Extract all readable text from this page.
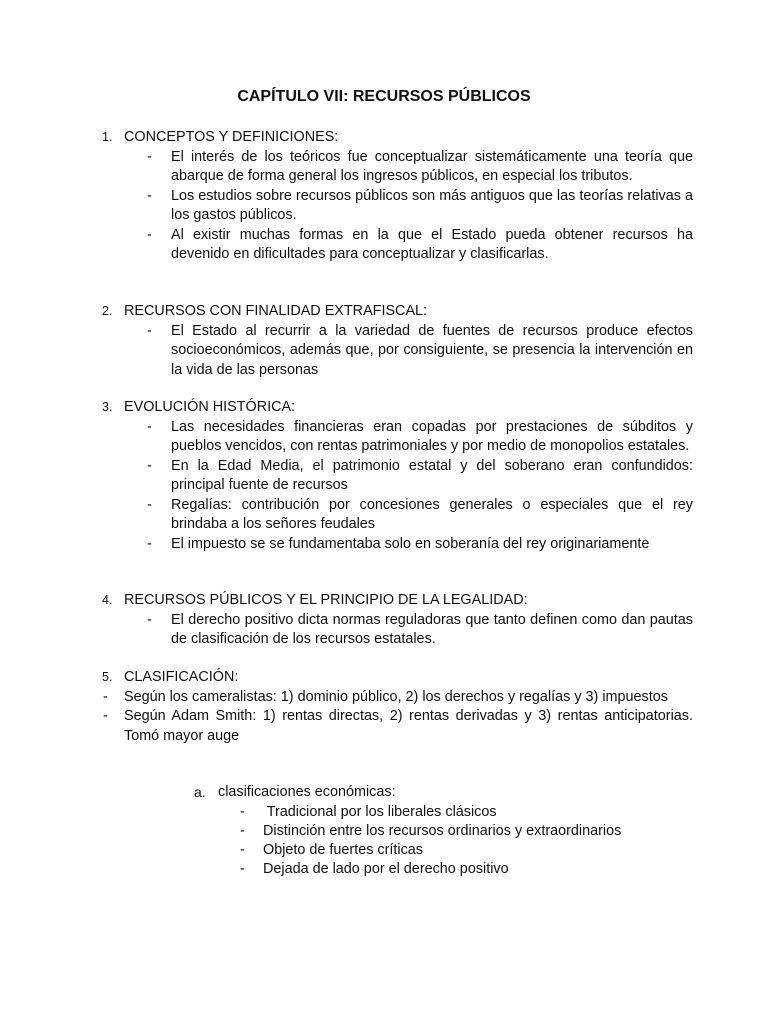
CAPÍTULO VII: RECURSOS PÚBLICOS
1. CONCEPTOS Y DEFINICIONES:
- El interés de los teóricos fue conceptualizar sistemáticamente una teoría que abarque de forma general los ingresos públicos, en especial los tributos.
- Los estudios sobre recursos públicos son más antiguos que las teorías relativas a los gastos públicos.
- Al existir muchas formas en la que el Estado pueda obtener recursos ha devenido en dificultades para conceptualizar y clasificarlas.
2. RECURSOS CON FINALIDAD EXTRAFISCAL:
- El Estado al recurrir a la variedad de fuentes de recursos produce efectos socioeconómicos, además que, por consiguiente, se presencia la intervención en la vida de las personas
3. EVOLUCIÓN HISTÓRICA:
- Las necesidades financieras eran copadas por prestaciones de súbditos y pueblos vencidos, con rentas patrimoniales y por medio de monopolios estatales.
- En la Edad Media, el patrimonio estatal y del soberano eran confundidos: principal fuente de recursos
- Regalías: contribución por concesiones generales o especiales que el rey brindaba a los señores feudales
- El impuesto se se fundamentaba solo en soberanía del rey originariamente
4. RECURSOS PÚBLICOS Y EL PRINCIPIO DE LA LEGALIDAD:
- El derecho positivo dicta normas reguladoras que tanto definen como dan pautas de clasificación de los recursos estatales.
5. CLASIFICACIÓN:
- Según los cameralistas: 1) dominio público, 2) los derechos y regalías y 3) impuestos
- Según Adam Smith: 1) rentas directas, 2) rentas derivadas y 3) rentas anticipatorias. Tomó mayor auge
a. clasificaciones económicas:
- Tradicional por los liberales clásicos
- Distinción entre los recursos ordinarios y extraordinarios
- Objeto de fuertes críticas
- Dejada de lado por el derecho positivo
